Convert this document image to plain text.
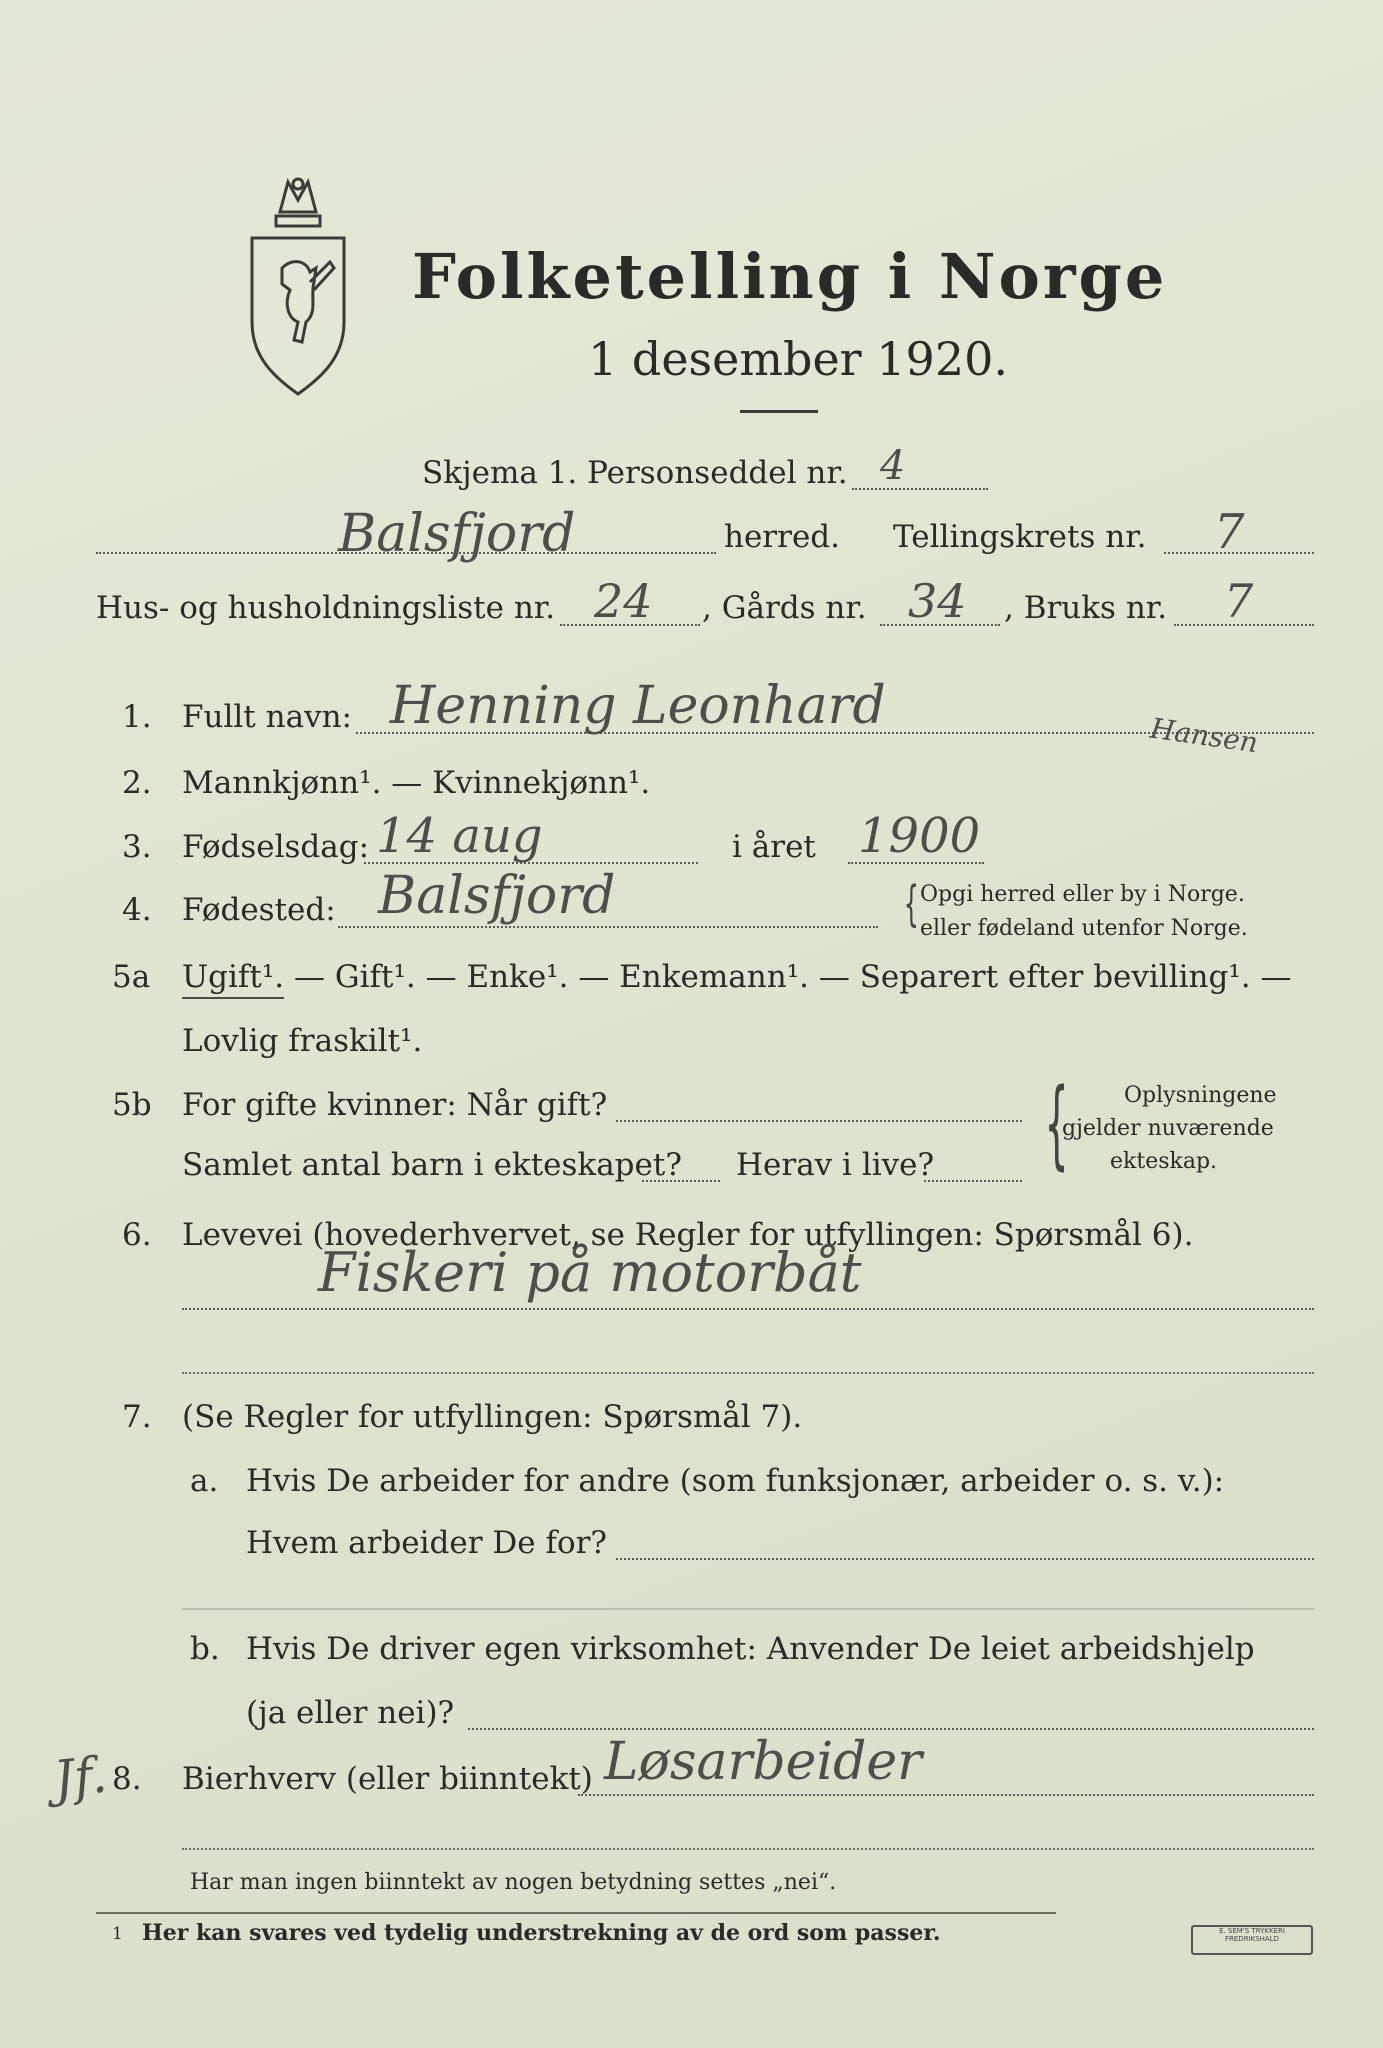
Folketelling i Norge
1 desember 1920.
Skjema 1. Personseddel nr. 4
Balsfjord	herred. Tellingskrets nr. 7
Hus- og husholdningsliste nr. 24 , Gårds nr. 34 , Bruks nr. 7
1. Fullt navn: Henning Leonhard	Hansen
2. Mannkjønn¹. — Kvinnekjønn¹.
3. Fødselsdag: 14 aug	i året 1900
4. Fødested: Balsfjord	{ Opgi herred eller by i Norge.
eller fødeland utenfor Norge.
5a Ugift¹. — Gift¹. — Enke¹. — Enkemann¹. — Separert efter bevilling¹. —
Lovlig fraskilt¹.
5b For gifte kvinner: Når gift?
Samlet antal barn i ekteskapet? Herav i live? {	Oplysningene
gjelder nuværende
ekteskap.
6. Levevei (hovederhvervet, se Regler for utfyllingen: Spørsmål 6).
Fiskeri på motorbåt
7. (Se Regler for utfyllingen: Spørsmål 7).
a. Hvis De arbeider for andre (som funksjonær, arbeider o. s. v.):
Hvem arbeider De for?
b. Hvis De driver egen virksomhet: Anvender De leiet arbeidshjelp
(ja eller nei)?
Jf. 8. Bierhverv (eller biinntekt) Løsarbeider
Har man ingen biinntekt av nogen betydning settes „nei“.
1 Her kan svares ved tydelig understrekning av de ord som passer.	E. SEM'S TRYKKERI FREDRIKSHALD
